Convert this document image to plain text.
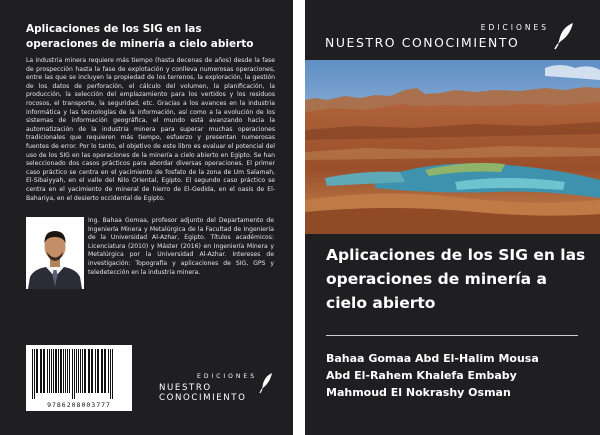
Aplicaciones de los SIG en las operaciones de minería a cielo abierto
La industria minera requiere más tiempo (hasta decenas de años) desde la fase de prospección hasta la fase de explotación y conlleva numerosas operaciones, entre las que se incluyen la propiedad de los terrenos, la exploración, la gestión de los datos de perforación, el cálculo del volumen, la planificación, la producción, la selección del emplazamiento para los vertidos y los residuos rocosos, el transporte, la seguridad, etc. Gracias a los avances en la industria informática y las tecnologías de la información, así como a la evolución de los sistemas de información geográfica, el mundo está avanzando hacia la automatización de la industria minera para superar muchas operaciones tradicionales que requieren más tiempo, esfuerzo y presentan numerosas fuentes de error. Por lo tanto, el objetivo de este libro es evaluar el potencial del uso de los SIG en las operaciones de la minería a cielo abierto en Egipto. Se han seleccionado dos casos prácticos para abordar diversas operaciones. El primer caso práctico se centra en el yacimiento de fosfato de la zona de Um Salamah, El-Sibaiyyah, en el valle del Nilo Oriental, Egipto. El segundo caso práctico se centra en el yacimiento de mineral de hierro de El-Gedida, en el oasis de El-Bahariya, en el desierto occidental de Egipto.
Ing. Bahaa Gomaa, profesor adjunto del Departamento de Ingeniería Minera y Metalúrgica de la Facultad de Ingeniería de la Universidad Al-Azhar, Egipto. Títulos académicos: Licenciatura (2010) y Máster (2016) en Ingeniería Minera y Metalúrgica por la Universidad Al-Azhar. Intereses de investigación: Topografía y aplicaciones de SIG, GPS y teledetección en la industria minera.
9786208003777
EDICIONES
NUESTRO CONOCIMIENTO
EDICIONES
NUESTRO CONOCIMIENTO
Aplicaciones de los SIG en las operaciones de minería a cielo abierto
Bahaa Gomaa Abd El-Halim Mousa
Abd El-Rahem Khalefa Embaby
Mahmoud El Nokrashy Osman
